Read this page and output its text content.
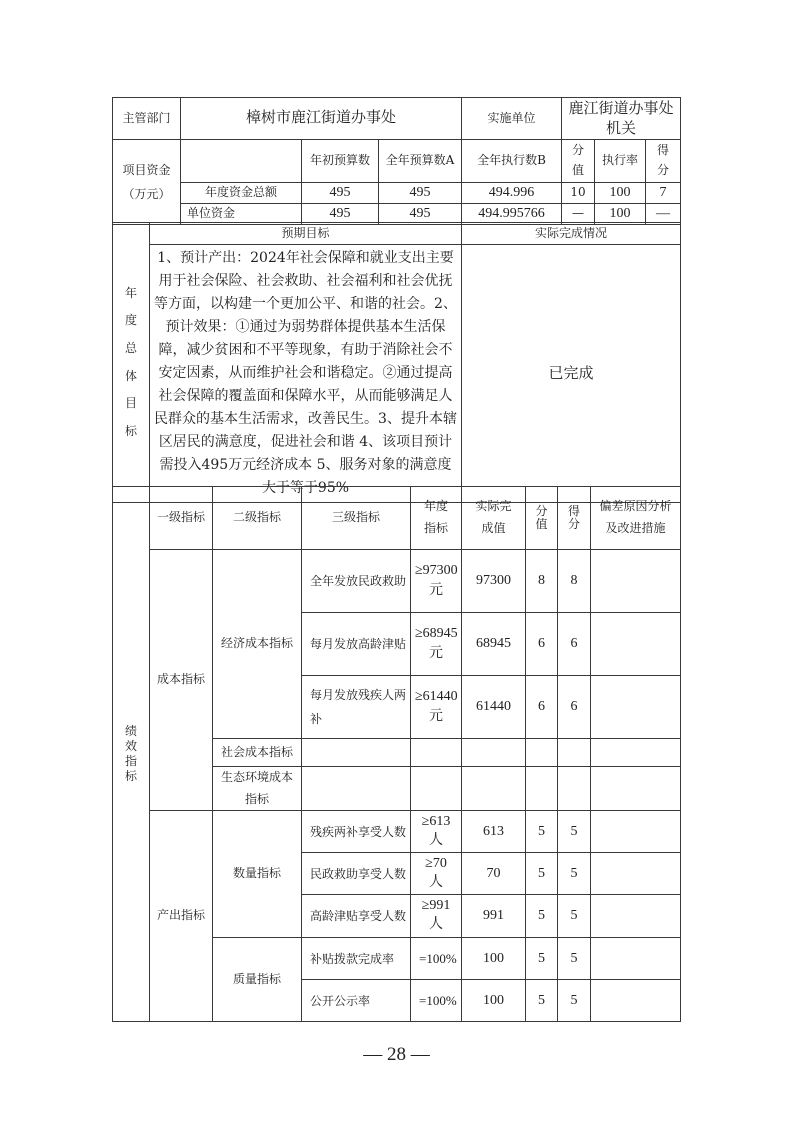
主管部门	樟树市鹿江街道办事处			实施单位	鹿江街道办事处机关		
项目资金（万元）		年初预算数	全年预算数A	全年执行数B	分值	执行率	得分
	年度资金总额	495	495	494.996	10	100	7
	单位资金	495	495	494.995766	—	100	—
年度总体目标	预期目标	实际完成情况
	1、预计产出：2024年社会保障和就业支出主要用于社会保险、社会救助、社会福利和社会优抚等方面，以构建一个更加公平、和谐的社会。2、预计效果：①通过为弱势群体提供基本生活保障，减少贫困和不平等现象，有助于消除社会不安定因素，从而维护社会和谐稳定。②通过提高社会保障的覆盖面和保障水平，从而能够满足人民群众的基本生活需求，改善民生。3、提升本辖区居民的满意度，促进社会和谐 4、该项目预计需投入495万元经济成本 5、服务对象的满意度大于等于95%	已完成
绩效指标	一级指标	二级指标	三级指标	年度指标	实际完成值	分值	得分	偏差原因分析及改进措施
	成本指标	经济成本指标	全年发放民政救助	≥97300元	97300	8	8	
			每月发放高龄津贴	≥68945元	68945	6	6	
			每月发放残疾人两补	≥61440元	61440	6	6	
		社会成本指标						
		生态环境成本指标						
	产出指标	数量指标	残疾两补享受人数	≥613人	613	5	5	
			民政救助享受人数	≥70人	70	5	5	
			高龄津贴享受人数	≥991人	991	5	5	
		质量指标	补贴拨款完成率	=100%	100	5	5	
			公开公示率	=100%	100	5	5	
— 28 —
